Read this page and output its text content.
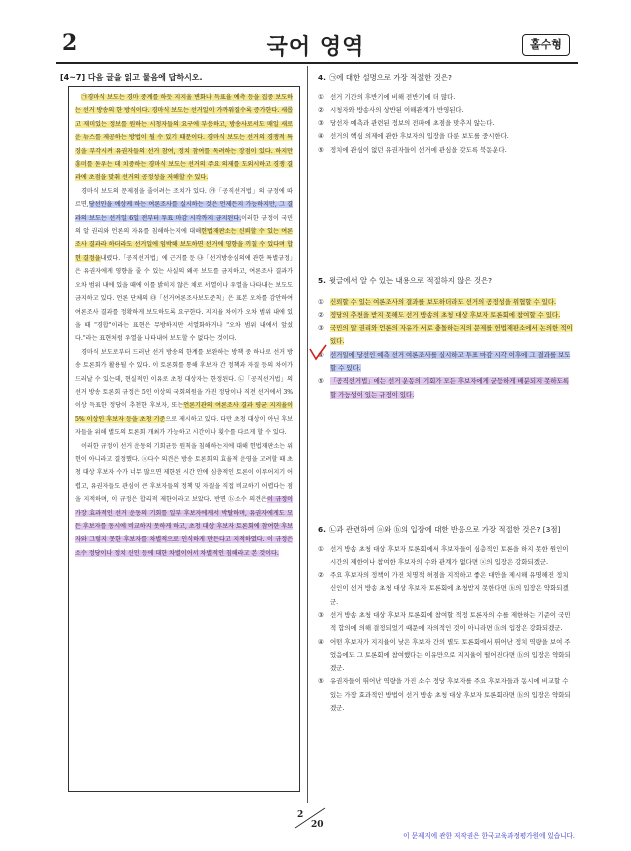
2	국어 영역	홀수형
[4~7] 다음 글을 읽고 물음에 답하시오.

㉠경마식 보도는 경마 중계를 하듯 지지율 변화나 득표율 예측 등을 집중 보도하는 선거 방송의 한 방식이다. 경마식 보도는 선거일이 가까워질수록 증가한다. 새롭고 재미있는 정보를 원하는 시청자들의 요구에 부응하고, 방송사로서도 매일 새로운 뉴스를 제공하는 방법이 될 수 있기 때문이다. 경마식 보도는 선거의 경쟁적 특징을 부각시켜 유권자들의 선거 참여, 정치 참여를 독려하는 장점이 있다. 하지만 흥미를 돋우는 데 치중하는 경마식 보도는 선거의 주요 의제를 도외시하고 경쟁 결과에 초점을 맞춰 선거의 공정성을 저해할 수 있다.

경마식 보도의 문제점을 줄이려는 조치가 있다. ㉮「공직선거법」의 규정에 따르면,당선인을 예상케 하는 여론조사를 실시하는 것은 언제든지 가능하지만, 그 결과의 보도는 선거일 6일 전부터 투표 마감 시각까지 금지된다.이러한 규정이 국민의 알 권리와 언론의 자유를 침해하는지에 대해헌법재판소는 신뢰할 수 있는 여론조사 결과라 하더라도 선거일에 임박해 보도하면 선거에 영향을 끼칠 수 있다며 합헌 결정을내렸다.「공직선거법」에 근거를 둔 ㉯「선거방송심의에 관한 특별규정」은 유권자에게 영향을 줄 수 있는 사실의 왜곡 보도를 금지하고, 여론조사 결과가 오차 범위 내에 있을 때에 이를 밝히지 않은 채로 서열이나 우열을 나타내는 보도도 금지하고 있다. 언론 단체의 ㉰「선거여론조사보도준칙」은 표본 오차를 감안하여 여론조사 결과를 정확하게 보도하도록 요구한다. 지지율 차이가 오차 범위 내에 있을 때 "경합"이라는 표현은 무방하지만 서열화하거나 "오차 범위 내에서 앞섰다."라는 표현처럼 우열을 나타내어 보도할 수 없다는 것이다.

경마식 보도로부터 드러난 선거 방송의 한계를 보완하는 방책 중 하나로 선거 방송 토론회가 활용될 수 있다. 이 토론회를 통해 후보자 간 정책과 자질 등의 차이가 드러날 수 있는데, 현실적인 이유로 초청 대상자는 한정된다. ㉡「공직선거법」의 선거 방송 토론회 규정은 5인 이상의 국회의원을 가진 정당이나 직전 선거에서 3% 이상 득표한 정당이 추천한 후보자, 또는언론기관의 여론조사 결과 평균 지지율이 5% 이상인 후보자 등을 초청 기준으로 제시하고 있다. 다만 초청 대상이 아닌 후보자들을 위해 별도의 토론회 개최가 가능하고 시간이나 횟수를 다르게 할 수 있다.

이러한 규정이 선거 운동의 기회균등 원칙을 침해하는지에 대해 헌법재판소는 위헌이 아니라고 결정했다. ⓐ다수 의견은 방송 토론회의 효율적 운영을 고려할 때 초청 대상 후보자 수가 너무 많으면 제한된 시간 안에 심층적인 토론이 이루어지기 어렵고, 유권자들도 관심이 큰 후보자들의 정책 및 자질을 직접 비교하기 어렵다는 점을 지적하며, 이 규정은 합리적 제한이라고 보았다. 반면 ⓑ소수 의견은이 규정이 가장 효과적인 선거 운동의 기회를 일부 후보자에게서 박탈하며, 유권자에게도 모든 후보자를 동시에 비교하지 못하게 하고, 초청 대상 후보자 토론회에 참여한 후보자와 그렇지 못한 후보자를 차별적으로 인식하게 만든다고 지적하였다. 이 규정은 소수 정당이나 정치 신인 등에 대한 차별이어서 차별적인 침해라고 본 것이다.

4. ㉠에 대한 설명으로 가장 적절한 것은?
① 선거 기간의 후반기에 비해 전반기에 더 많다.
② 시청자와 방송사의 상반된 이해관계가 반영된다.
③ 당선자 예측과 관련된 정보의 전파에 초점을 맞추지 않는다.
④ 선거의 핵심 의제에 관한 후보자의 입장을 다룬 보도를 중시한다.
⑤ 정치에 관심이 없던 유권자들이 선거에 관심을 갖도록 북돋운다.
5. 윗글에서 알 수 있는 내용으로 적절하지 않은 것은?
① 신뢰할 수 있는 여론조사의 결과를 보도하더라도 선거의 공정성을 위협할 수 있다.
② 정당의 추천을 받지 못해도 선거 방송의 초청 대상 후보자 토론회에 참여할 수 있다.
③ 국민의 알 권리와 언론의 자유가 서로 충돌하는지의 문제를 헌법재판소에서 논의한 적이 있다.
④ 선거일에 당선인 예측 선거 여론조사를 실시하고 투표 마감 시각 이후에 그 결과를 보도할 수 있다.
⑤ 「공직선거법」에는 선거 운동의 기회가 모든 후보자에게 균등하게 배분되지 못하도록 할 가능성이 있는 규정이 있다.
6. ㉡과 관련하여 ⓐ와 ⓑ의 입장에 대한 반응으로 가장 적절한 것은? [3점]
① 선거 방송 초청 대상 후보자 토론회에서 후보자들이 심층적인 토론을 하지 못한 원인이 시간의 제한이나 참여한 후보자의 수와 관계가 없다면 ⓐ의 입장은 강화되겠군.
② 주요 후보자의 정책이 가진 치명적 허점을 지적하고 좋은 대안을 제시해 유명해진 정치 신인이 선거 방송 초청 대상 후보자 토론회에 초청받지 못한다면 ⓑ의 입장은 약화되겠군.
③ 선거 방송 초청 대상 후보자 토론회에 참여할 적정 토론자의 수를 제한하는 기준이 국민적 합의에 의해 결정되었기 때문에 자의적인 것이 아니라면 ⓑ의 입장은 강화되겠군.
④ 어떤 후보자가 지지율이 낮은 후보자 간의 별도 토론회에서 뛰어난 정치 역량을 보여 주었음에도 그 토론회에 참여했다는 이유만으로 지지율이 떨어진다면 ⓑ의 입장은 약화되겠군.
⑤ 유권자들이 뛰어난 역량을 가진 소수 정당 후보자를 주요 후보자들과 동시에 비교할 수 있는 가장 효과적인 방법이 선거 방송 초청 대상 후보자 토론회라면 ⓑ의 입장은 약화되겠군.
2
20
이 문제지에 관한 저작권은 한국교육과정평가원에 있습니다.
